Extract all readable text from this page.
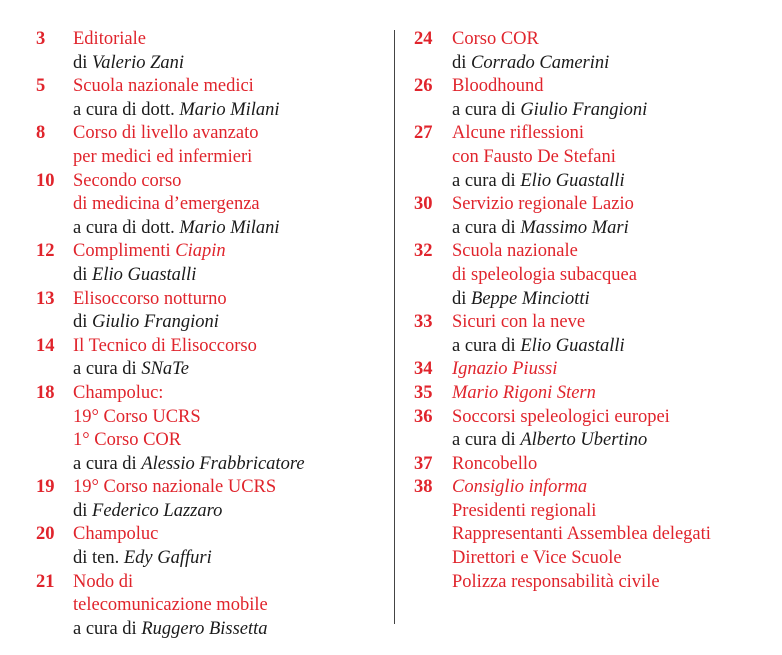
3	Editoriale
di Valerio Zani
5	Scuola nazionale medici
a cura di dott. Mario Milani
8	Corso di livello avanzato
per medici ed infermieri
10	Secondo corso
di medicina d’emergenza
a cura di dott. Mario Milani
12	Complimenti Ciapin
di Elio Guastalli
13	Elisoccorso notturno
di Giulio Frangioni
14	Il Tecnico di Elisoccorso
a cura di SNaTe
18	Champoluc:
19° Corso UCRS
1° Corso COR
a cura di Alessio Frabbricatore
19	19° Corso nazionale UCRS
di Federico Lazzaro
20	Champoluc
di ten. Edy Gaffuri
21	Nodo di
telecomunicazione mobile
a cura di Ruggero Bissetta
24	Corso COR
di Corrado Camerini
26	Bloodhound
a cura di Giulio Frangioni
27	Alcune riflessioni
con Fausto De Stefani
a cura di Elio Guastalli
30	Servizio regionale Lazio
a cura di Massimo Mari
32	Scuola nazionale
di speleologia subacquea
di Beppe Minciotti
33	Sicuri con la neve
a cura di Elio Guastalli
34	Ignazio Piussi
35	Mario Rigoni Stern
36	Soccorsi speleologici europei
a cura di Alberto Ubertino
37	Roncobello
38	Consiglio informa
Presidenti regionali
Rappresentanti Assemblea delegati
Direttori e Vice Scuole
Polizza responsabilità civile
